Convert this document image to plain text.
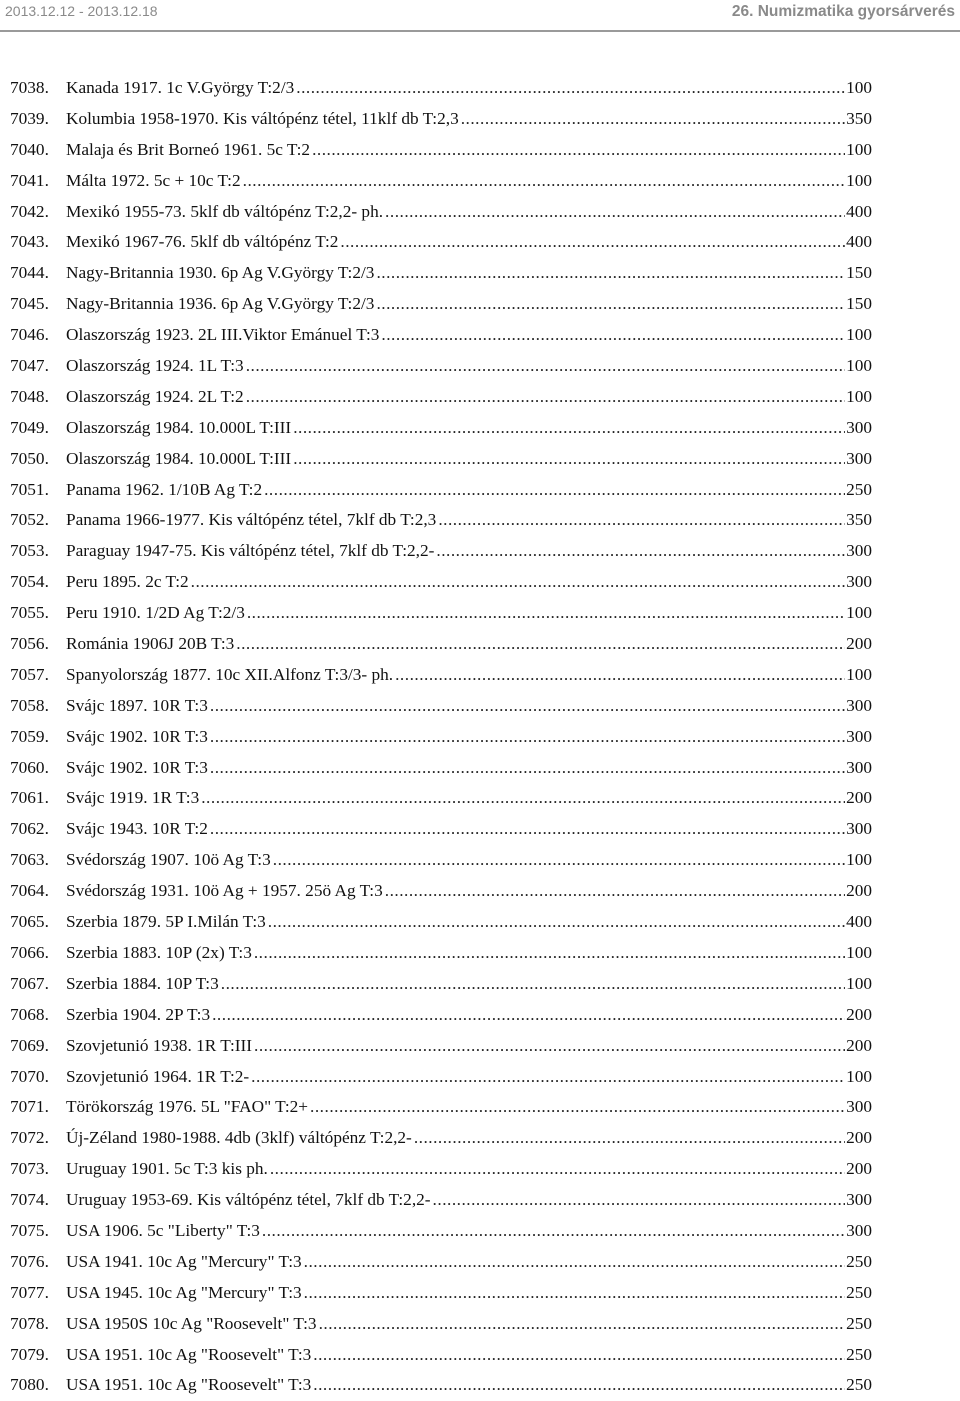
2013.12.12 - 2013.12.18	26. Numizmatika gyorsárverés
7038. Kanada 1917. 1c V.György T:2/3 .....	100
7039. Kolumbia 1958-1970. Kis váltópénz tétel, 11klf db T:2,3 .....	350
7040. Malaja és Brit Borneó 1961. 5c T:2 .....	100
7041. Málta 1972. 5c + 10c T:2 .....	100
7042. Mexikó 1955-73. 5klf db váltópénz T:2,2- ph. .....	400
7043. Mexikó 1967-76. 5klf db váltópénz T:2 .....	400
7044. Nagy-Britannia 1930. 6p Ag V.György T:2/3 .....	150
7045. Nagy-Britannia 1936. 6p Ag V.György T:2/3 .....	150
7046. Olaszország 1923. 2L III.Viktor Emánuel T:3 .....	100
7047. Olaszország 1924. 1L T:3 .....	100
7048. Olaszország 1924. 2L T:2 .....	100
7049. Olaszország 1984. 10.000L T:III .....	300
7050. Olaszország 1984. 10.000L T:III .....	300
7051. Panama 1962. 1/10B Ag T:2 .....	250
7052. Panama 1966-1977. Kis váltópénz tétel, 7klf db T:2,3 .....	350
7053. Paraguay 1947-75. Kis váltópénz tétel, 7klf db T:2,2- .....	300
7054. Peru 1895. 2c T:2 .....	300
7055. Peru 1910. 1/2D Ag T:2/3 .....	100
7056. Románia 1906J 20B T:3 .....	200
7057. Spanyolország 1877. 10c XII.Alfonz T:3/3- ph. .....	100
7058. Svájc 1897. 10R T:3 .....	300
7059. Svájc 1902. 10R T:3 .....	300
7060. Svájc 1902. 10R T:3 .....	300
7061. Svájc 1919. 1R T:3 .....	200
7062. Svájc 1943. 10R T:2 .....	300
7063. Svédország 1907. 10ö Ag T:3 .....	100
7064. Svédország 1931. 10ö Ag + 1957. 25ö Ag T:3 .....	200
7065. Szerbia 1879. 5P I.Milán T:3 .....	400
7066. Szerbia 1883. 10P (2x) T:3 .....	100
7067. Szerbia 1884. 10P T:3 .....	100
7068. Szerbia 1904. 2P T:3 .....	200
7069. Szovjetunió 1938. 1R T:III .....	200
7070. Szovjetunió 1964. 1R T:2- .....	100
7071. Törökország 1976. 5L "FAO" T:2+ .....	300
7072. Új-Zéland 1980-1988. 4db (3klf) váltópénz T:2,2- .....	200
7073. Uruguay 1901. 5c T:3 kis ph. .....	200
7074. Uruguay 1953-69. Kis váltópénz tétel, 7klf db T:2,2- .....	300
7075. USA 1906. 5c "Liberty" T:3 .....	300
7076. USA 1941. 10c Ag "Mercury" T:3 .....	250
7077. USA 1945. 10c Ag "Mercury" T:3 .....	250
7078. USA 1950S 10c Ag "Roosevelt" T:3 .....	250
7079. USA 1951. 10c Ag "Roosevelt" T:3 .....	250
7080. USA 1951. 10c Ag "Roosevelt" T:3 .....	250
